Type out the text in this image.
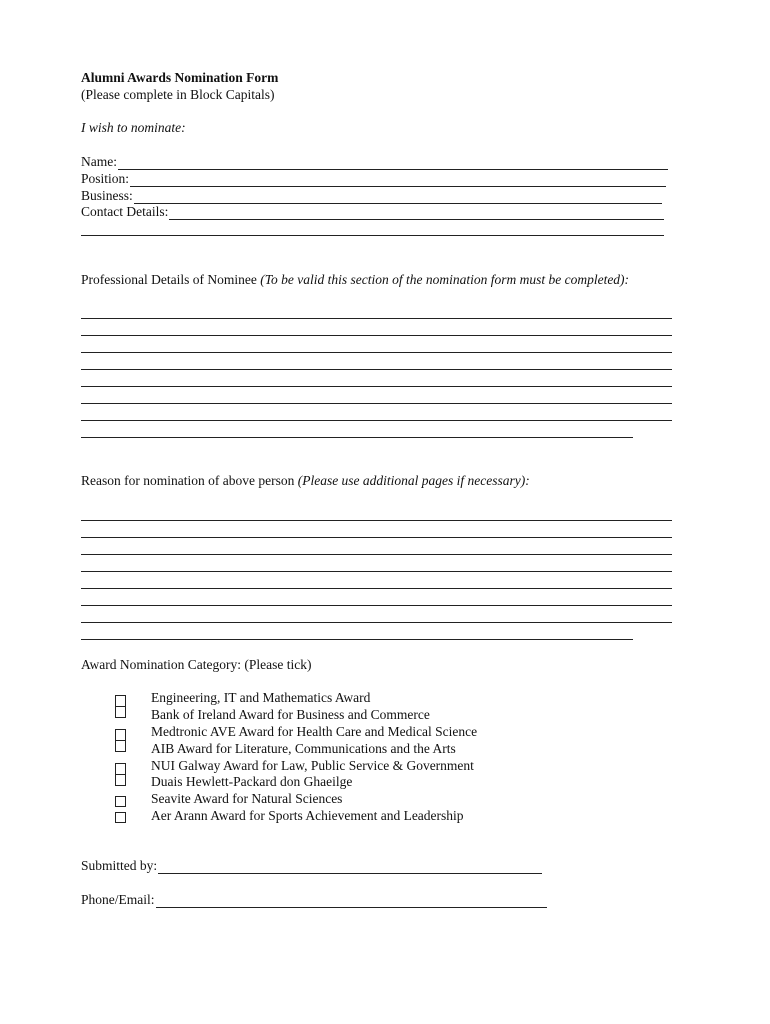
Alumni Awards Nomination Form
(Please complete in Block Capitals)
I wish to nominate:
Name:
Position:
Business:
Contact Details:
Professional Details of Nominee (To be valid this section of the nomination form must be completed):
Reason for nomination of above person (Please use additional pages if necessary):
Award Nomination Category: (Please tick)
Engineering, IT and Mathematics Award
Bank of Ireland Award for Business and Commerce
Medtronic AVE Award for Health Care and Medical Science
AIB Award for Literature, Communications and the Arts
NUI Galway Award for Law, Public Service & Government
Duais Hewlett-Packard don Ghaeilge
Seavite Award for Natural Sciences
Aer Arann Award for Sports Achievement and Leadership
Submitted by:
Phone/Email:
